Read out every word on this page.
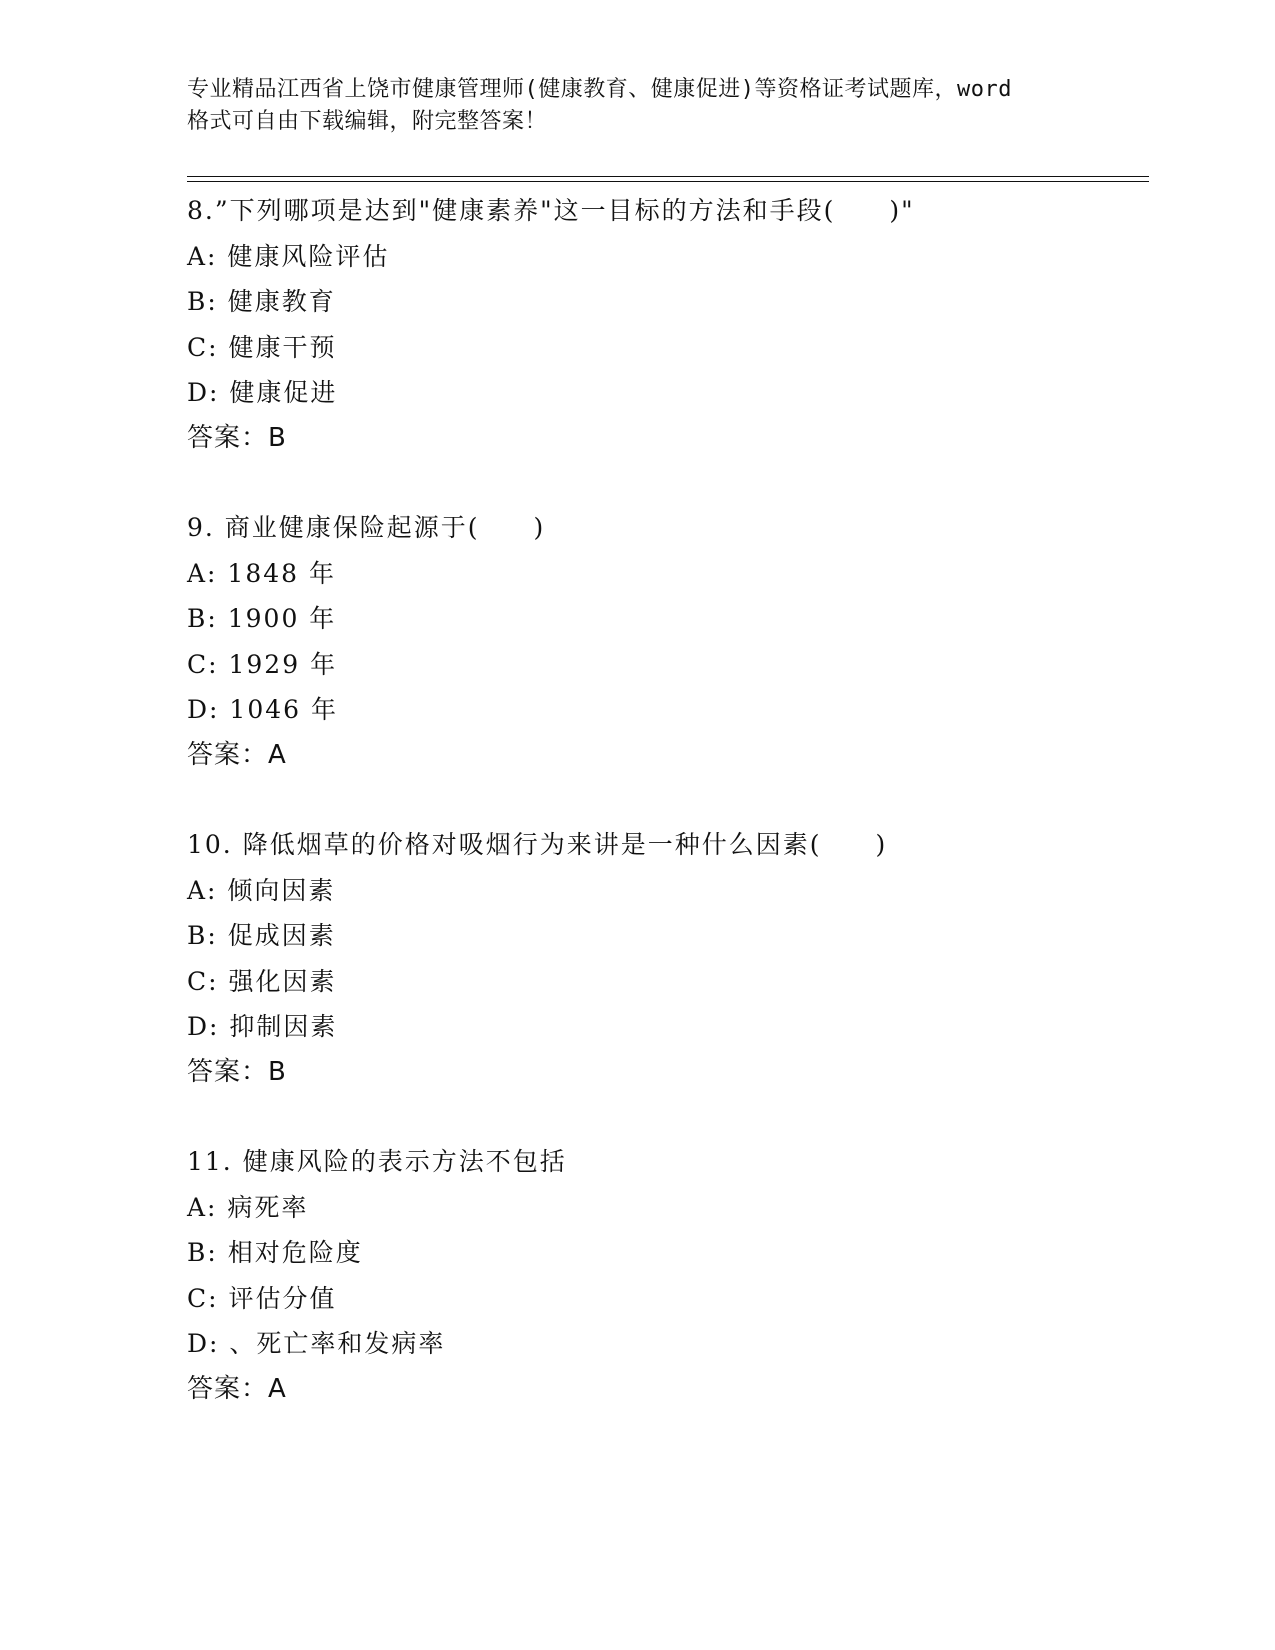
专业精品江西省上饶市健康管理师(健康教育、健康促进)等资格证考试题库，word
格式可自由下载编辑，附完整答案！
8.”下列哪项是达到"健康素养"这一目标的方法和手段(　　)"
A: 健康风险评估
B: 健康教育
C: 健康干预
D: 健康促进
答案：B
9. 商业健康保险起源于(　　)
A: 1848 年
B: 1900 年
C: 1929 年
D: 1046 年
答案：A
10. 降低烟草的价格对吸烟行为来讲是一种什么因素(　　)
A: 倾向因素
B: 促成因素
C: 强化因素
D: 抑制因素
答案：B
11. 健康风险的表示方法不包括
A: 病死率
B: 相对危险度
C: 评估分值
D: 、死亡率和发病率
答案：A
